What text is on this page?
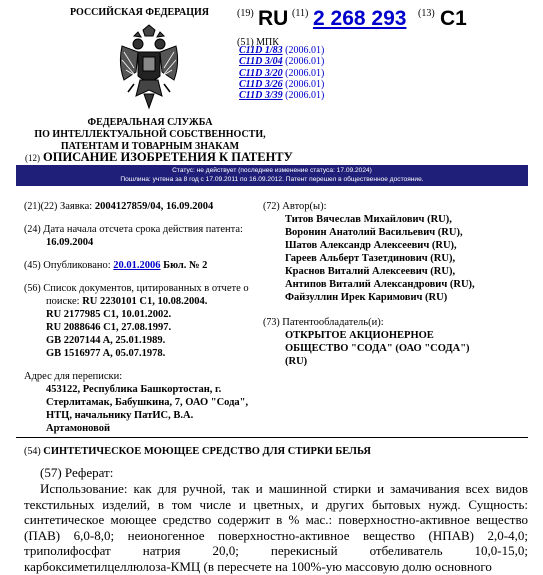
РОССИЙСКАЯ ФЕДЕРАЦИЯ
ФЕДЕРАЛЬНАЯ СЛУЖБА
ПО ИНТЕЛЛЕКТУАЛЬНОЙ СОБСТВЕННОСТИ,
ПАТЕНТАМ И ТОВАРНЫМ ЗНАКАМ
(19) RU (11) 2 268 293 (13) C1
(51) МПК
C11D 1/83 (2006.01)
C11D 3/04 (2006.01)
C11D 3/20 (2006.01)
C11D 3/26 (2006.01)
C11D 3/39 (2006.01)
(12) ОПИСАНИЕ ИЗОБРЕТЕНИЯ К ПАТЕНТУ
Статус: не действует (последнее изменение статуса: 17.09.2024)
Пошлина: учтена за 8 год с 17.09.2011 по 16.09.2012. Патент перешел в общественное достояние.
(21)(22) Заявка: 2004127859/04, 16.09.2004
(24) Дата начала отсчета срока действия патента:
16.09.2004
(45) Опубликовано: 20.01.2006 Бюл. № 2
(56) Список документов, цитированных в отчете о поиске: RU 2230101 C1, 10.08.2004.
RU 2177985 C1, 10.01.2002.
RU 2088646 C1, 27.08.1997.
GB 2207144 A, 25.01.1989.
GB 1516977 A, 05.07.1978.
Адрес для переписки:
453122, Республика Башкортостан, г.
Стерлитамак, Бабушкина, 7, ОАО "Сода",
НТЦ, начальнику ПатИС, В.А.
Артамоновой
(72) Автор(ы):
Титов Вячеслав Михайлович (RU),
Воронин Анатолий Васильевич (RU),
Шатов Александр Алексеевич (RU),
Гареев Альберт Тазетдинович (RU),
Краснов Виталий Алексеевич (RU),
Антипов Виталий Александрович (RU),
Файзуллин Ирек Каримович (RU)
(73) Патентообладатель(и):
ОТКРЫТОЕ АКЦИОНЕРНОЕ
ОБЩЕСТВО "СОДА" (ОАО "СОДА")
(RU)
(54) СИНТЕТИЧЕСКОЕ МОЮЩЕЕ СРЕДСТВО ДЛЯ СТИРКИ БЕЛЬЯ
(57) Реферат:
Использование: как для ручной, так и машинной стирки и замачивания всех видов текстильных изделий, в том числе и цветных, и других бытовых нужд. Сущность: синтетическое моющее средство содержит в % мас.: поверхностно-активное вещество (ПАВ) 6,0-8,0; неионогенное поверхностно-активное вещество (НПАВ) 2,0-4,0; триполифосфат натрия 20,0; перекисный отбеливатель 10,0-15,0; карбоксиметилцеллюлоза-КМЦ (в пересчете на 100%-ую массовую долю основного
